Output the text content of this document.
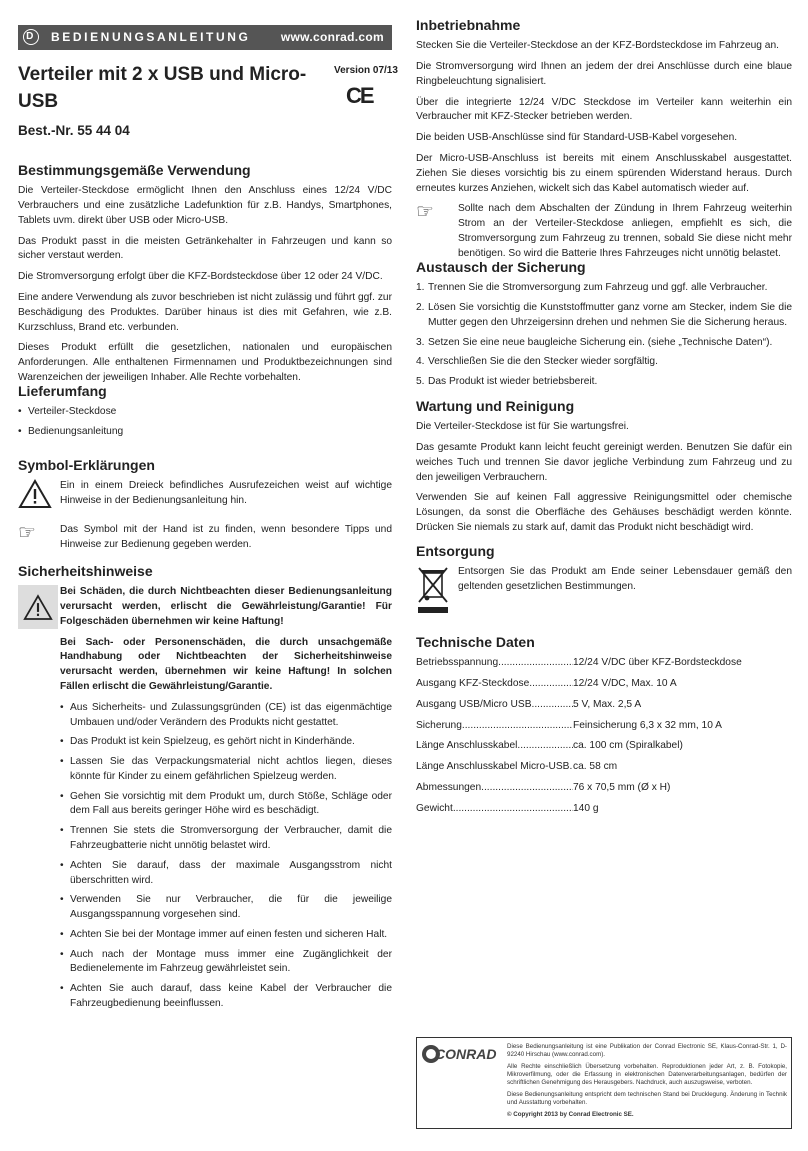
D BEDIENUNGSANLEITUNG	www.conrad.com
Verteiler mit 2 x USB und Micro-USB
Version 07/13
CE
Best.-Nr. 55 44 04
Bestimmungsgemäße Verwendung

Die Verteiler-Steckdose ermöglicht Ihnen den Anschluss eines 12/24 V/DC Verbrauchers und eine zusätzliche Ladefunktion für z.B. Handys, Smartphones, Tablets uvm. direkt über USB oder Micro-USB.

Das Produkt passt in die meisten Getränkehalter in Fahrzeugen und kann so sicher verstaut werden.

Die Stromversorgung erfolgt über die KFZ-Bordsteckdose über 12 oder 24 V/DC.

Eine andere Verwendung als zuvor beschrieben ist nicht zulässig und führt ggf. zur Beschädigung des Produktes. Darüber hinaus ist dies mit Gefahren, wie z.B. Kurzschluss, Brand etc. verbunden.

Dieses Produkt erfüllt die gesetzlichen, nationalen und europäischen Anforderungen. Alle enthaltenen Firmennamen und Produktbezeichnungen sind Warenzeichen der jeweiligen Inhaber. Alle Rechte vorbehalten.

Lieferumfang
• Verteiler-Steckdose
• Bedienungsanleitung
Symbol-Erklärungen
Ein in einem Dreieck befindliches Ausrufezeichen weist auf wichtige Hinweise in der Bedienungsanleitung hin.
☞	Das Symbol mit der Hand ist zu finden, wenn besondere Tipps und Hinweise zur Bedienung gegeben werden.
Sicherheitshinweise

Bei Schäden, die durch Nichtbeachten dieser Bedienungsanleitung verursacht werden, erlischt die Gewährleistung/Garantie! Für Folgeschäden übernehmen wir keine Haftung!

Bei Sach- oder Personenschäden, die durch unsachgemäße Handhabung oder Nichtbeachten der Sicherheitshinweise verursacht werden, übernehmen wir keine Haftung! In solchen Fällen erlischt die Gewährleistung/Garantie.

• Aus Sicherheits- und Zulassungsgründen (CE) ist das eigenmächtige Umbauen und/oder Verändern des Produkts nicht gestattet.
• Das Produkt ist kein Spielzeug, es gehört nicht in Kinderhände.
• Lassen Sie das Verpackungsmaterial nicht achtlos liegen, dieses könnte für Kinder zu einem gefährlichen Spielzeug werden.
• Gehen Sie vorsichtig mit dem Produkt um, durch Stöße, Schläge oder dem Fall aus bereits geringer Höhe wird es beschädigt.
• Trennen Sie stets die Stromversorgung der Verbraucher, damit die Fahrzeugbatterie nicht unnötig belastet wird.
• Achten Sie darauf, dass der maximale Ausgangsstrom nicht überschritten wird.
• Verwenden Sie nur Verbraucher, die für die jeweilige Ausgangsspannung vorgesehen sind.
• Achten Sie bei der Montage immer auf einen festen und sicheren Halt.
• Auch nach der Montage muss immer eine Zugänglichkeit der Bedienelemente im Fahrzeug gewährleistet sein.
• Achten Sie auch darauf, dass keine Kabel der Verbraucher die Fahrzeugbedienung beeinflussen.
Inbetriebnahme

Stecken Sie die Verteiler-Steckdose an der KFZ-Bordsteckdose im Fahrzeug an.

Die Stromversorgung wird Ihnen an jedem der drei Anschlüsse durch eine blaue Ringbeleuchtung signalisiert.

Über die integrierte 12/24 V/DC Steckdose im Verteiler kann weiterhin ein Verbraucher mit KFZ-Stecker betrieben werden.

Die beiden USB-Anschlüsse sind für Standard-USB-Kabel vorgesehen.

Der Micro-USB-Anschluss ist bereits mit einem Anschlusskabel ausgestattet. Ziehen Sie dieses vorsichtig bis zu einem spürenden Widerstand heraus. Durch erneutes kurzes Anziehen, wickelt sich das Kabel automatisch wieder auf.

☞	Sollte nach dem Abschalten der Zündung in Ihrem Fahrzeug weiterhin Strom an der Verteiler-Steckdose anliegen, empfiehlt es sich, die Stromversorgung zum Fahrzeug zu trennen, sobald Sie diese nicht mehr benötigen. So wird die Batterie Ihres Fahrzeuges nicht unnötig belastet.
Austausch der Sicherung
1. Trennen Sie die Stromversorgung zum Fahrzeug und ggf. alle Verbraucher.
2. Lösen Sie vorsichtig die Kunststoffmutter ganz vorne am Stecker, indem Sie die Mutter gegen den Uhrzeigersinn drehen und nehmen Sie die Sicherung heraus.
3. Setzen Sie eine neue baugleiche Sicherung ein. (siehe „Technische Daten“).
4. Verschließen Sie die den Stecker wieder sorgfältig.
5. Das Produkt ist wieder betriebsbereit.
Wartung und Reinigung

Die Verteiler-Steckdose ist für Sie wartungsfrei.

Das gesamte Produkt kann leicht feucht gereinigt werden. Benutzen Sie dafür ein weiches Tuch und trennen Sie davor jegliche Verbindung zum Fahrzeug und zu den jeweiligen Verbrauchern.

Verwenden Sie auf keinen Fall aggressive Reinigungsmittel oder chemische Lösungen, da sonst die Oberfläche des Gehäuses beschädigt werden könnte. Drücken Sie niemals zu stark auf, damit das Produkt nicht beschädigt wird.

Entsorgung
Entsorgen Sie das Produkt am Ende seiner Lebensdauer gemäß den geltenden gesetzlichen Bestimmungen.
Technische Daten
Betriebsspannung .....	12/24 V/DC über KFZ-Bordsteckdose
Ausgang KFZ-Steckdose .....	12/24 V/DC, Max. 10 A
Ausgang USB/Micro USB .....	5 V, Max. 2,5 A
Sicherung .....	Feinsicherung 6,3 x 32 mm, 10 A
Länge Anschlusskabel .....	ca. 100 cm (Spiralkabel)
Länge Anschlusskabel Micro-USB ..... ca. 58 cm
Abmessungen .....	76 x 70,5 mm (Ø x H)
Gewicht .....	140 g
CONRAD Diese Bedienungsanleitung ist eine Publikation der Conrad Electronic SE, Klaus-Conrad-Str. 1, D-92240 Hirschau (www.conrad.com).
Alle Rechte einschließlich Übersetzung vorbehalten. Reproduktionen jeder Art, z. B. Fotokopie, Mikroverfilmung, oder die Erfassung in elektronischen Datenverarbeitungsanlagen, bedürfen der schriftlichen Genehmigung des Herausgebers. Nachdruck, auch auszugsweise, verboten.
Diese Bedienungsanleitung entspricht dem technischen Stand bei Drucklegung. Änderung in Technik und Ausstattung vorbehalten.
© Copyright 2013 by Conrad Electronic SE.
